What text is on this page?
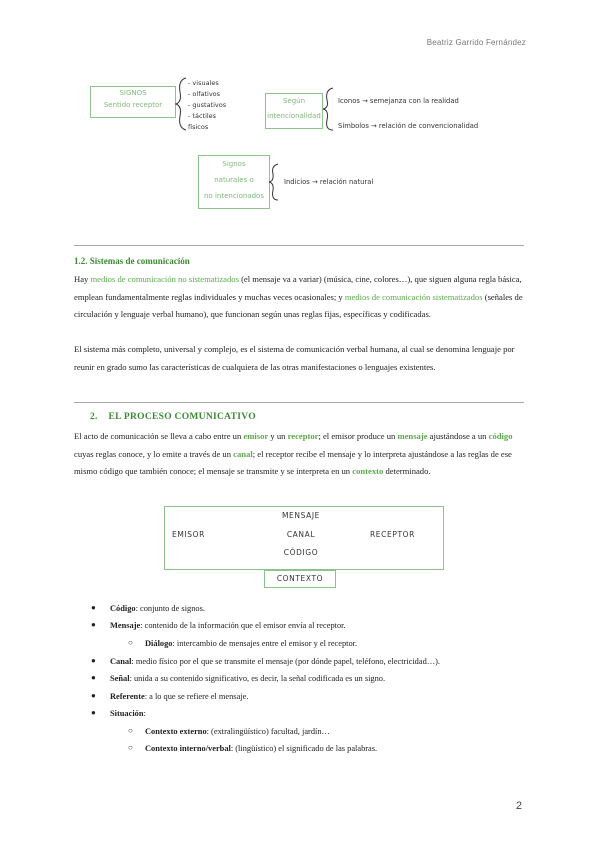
Beatriz Garrido Fernández
SIGNOS
Sentido receptor
- visuales
- olfativos
- gustativos
- táctiles
físicos
Según
intencionalidad
Iconos → semejanza con la realidad
Símbolos → relación de convencionalidad
Signos
naturales o
no intencionados
Indicios → relación natural
1.2. Sistemas de comunicación
Hay medios de comunicación no sistematizados (el mensaje va a variar) (música, cine, colores…), que siguen alguna regla básica, emplean fundamentalmente reglas individuales y muchas veces ocasionales; y medios de comunicación sistematizados (señales de circulación y lenguaje verbal humano), que funcionan según unas reglas fijas, específicas y codificadas.
El sistema más completo, universal y complejo, es el sistema de comunicación verbal humana, al cual se denomina lenguaje por reunir en grado sumo las características de cualquiera de las otras manifestaciones o lenguajes existentes.
2. EL PROCESO COMUNICATIVO
El acto de comunicación se lleva a cabo entre un emisor y un receptor; el emisor produce un mensaje ajustándose a un código cuyas reglas conoce, y lo emite a través de un canal; el receptor recibe el mensaje y lo interpreta ajustándose a las reglas de ese mismo código que también conoce; el mensaje se transmite y se interpreta en un contexto determinado.
EMISOR
MENSAJE
CANAL
CÓDIGO
RECEPTOR
CONTEXTO
● Código: conjunto de signos.
● Mensaje: contenido de la información que el emisor envía al receptor.
○ Diálogo: intercambio de mensajes entre el emisor y el receptor.
● Canal: medio físico por el que se transmite el mensaje (por dónde papel, teléfono, electricidad…).
● Señal: unida a su contenido significativo, es decir, la señal codificada es un signo.
● Referente: a lo que se refiere el mensaje.
● Situación:
○ Contexto externo: (extralingüístico) facultad, jardín…
○ Contexto interno/verbal: (lingüístico) el significado de las palabras.
2
